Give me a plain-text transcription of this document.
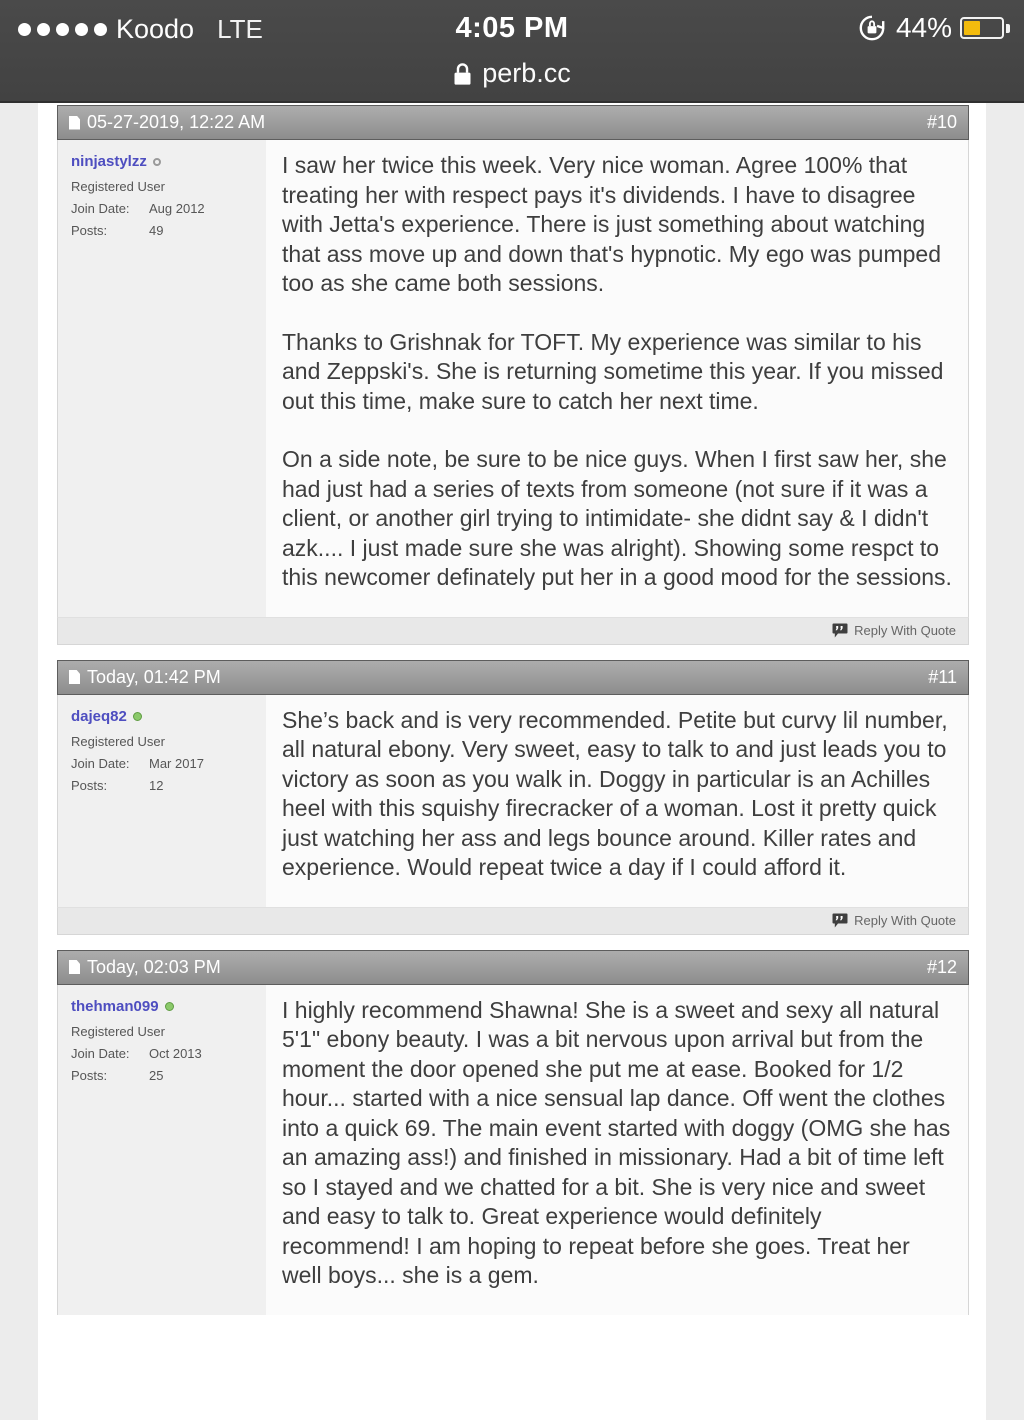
Koodo LTE	4:05 PM	44%
perb.cc
05-27-2019, 12:22 AM	#10
ninjastylzz
Registered User
Join Date:	Aug 2012
Posts:	49

I saw her twice this week. Very nice woman. Agree 100% that treating her with respect pays it's dividends. I have to disagree with Jetta's experience. There is just something about watching that ass move up and down that's hypnotic. My ego was pumped too as she came both sessions.

Thanks to Grishnak for TOFT. My experience was similar to his and Zeppski's. She is returning sometime this year. If you missed out this time, make sure to catch her next time.

On a side note, be sure to be nice guys. When I first saw her, she had just had a series of texts from someone (not sure if it was a client, or another girl trying to intimidate- she didnt say & I didn't azk.... I just made sure she was alright). Showing some respct to this newcomer definately put her in a good mood for the sessions.

Reply With Quote
Today, 01:42 PM	#11
dajeq82
Registered User
Join Date:	Mar 2017
Posts:	12

She’s back and is very recommended. Petite but curvy lil number, all natural ebony. Very sweet, easy to talk to and just leads you to victory as soon as you walk in. Doggy in particular is an Achilles heel with this squishy firecracker of a woman. Lost it pretty quick just watching her ass and legs bounce around. Killer rates and experience. Would repeat twice a day if I could afford it.

Reply With Quote
Today, 02:03 PM	#12
thehman099
Registered User
Join Date:	Oct 2013
Posts:	25

I highly recommend Shawna! She is a sweet and sexy all natural 5'1" ebony beauty. I was a bit nervous upon arrival but from the moment the door opened she put me at ease. Booked for 1/2 hour... started with a nice sensual lap dance. Off went the clothes into a quick 69. The main event started with doggy (OMG she has an amazing ass!) and finished in missionary. Had a bit of time left so I stayed and we chatted for a bit. She is very nice and sweet and easy to talk to. Great experience would definitely recommend! I am hoping to repeat before she goes. Treat her well boys... she is a gem.
